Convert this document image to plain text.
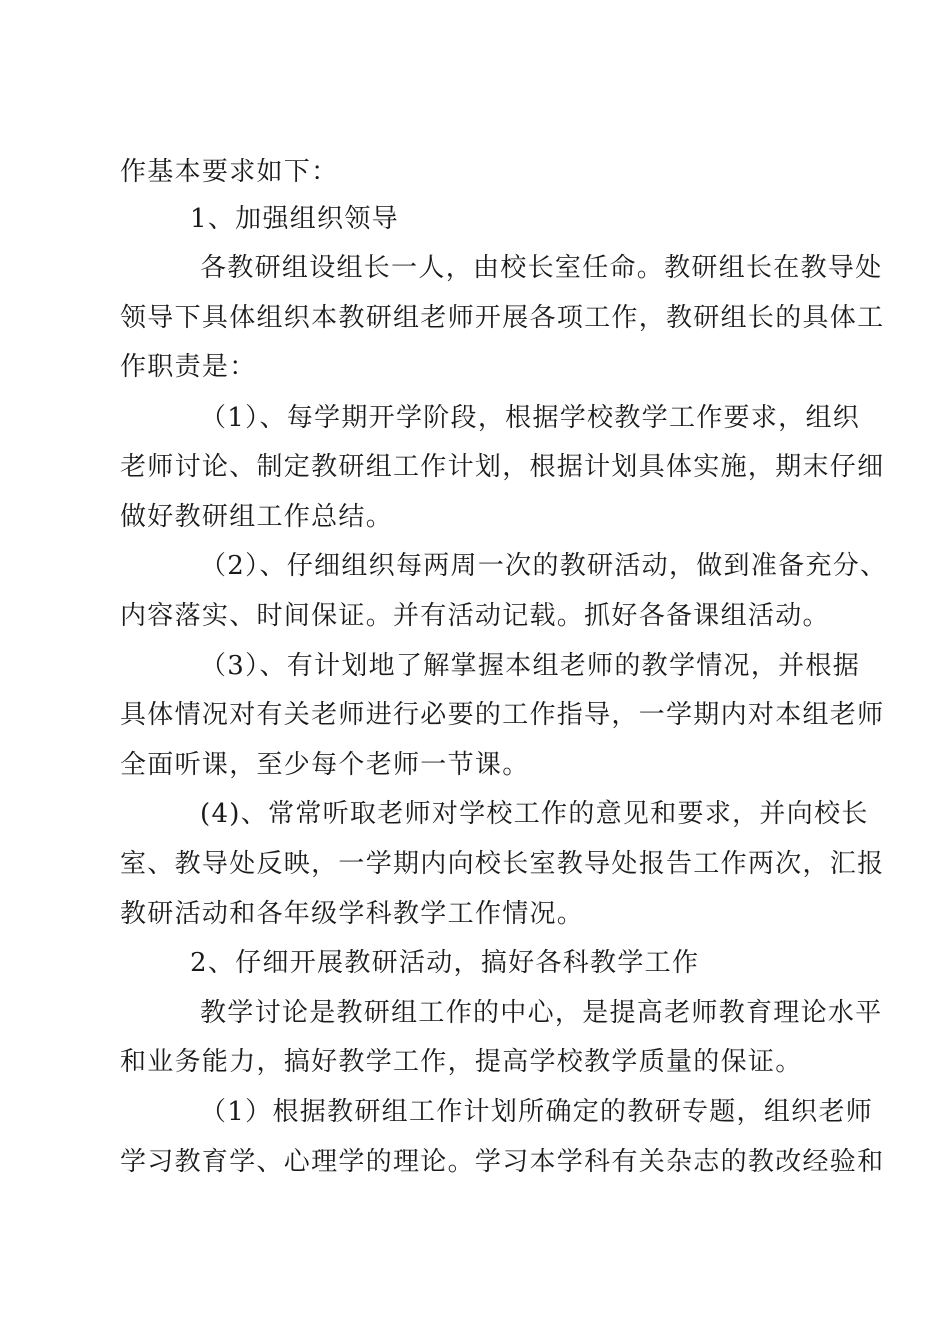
作基本要求如下：
1、加强组织领导
各教研组设组长一人，由校长室任命。教研组长在教导处
领导下具体组织本教研组老师开展各项工作，教研组长的具体工
作职责是：
（1）、每学期开学阶段，根据学校教学工作要求，组织
老师讨论、制定教研组工作计划，根据计划具体实施，期末仔细
做好教研组工作总结。
（2）、仔细组织每两周一次的教研活动，做到准备充分、
内容落实、时间保证。并有活动记载。抓好各备课组活动。
（3）、有计划地了解掌握本组老师的教学情况，并根据
具体情况对有关老师进行必要的工作指导，一学期内对本组老师
全面听课，至少每个老师一节课。
(4)、常常听取老师对学校工作的意见和要求，并向校长
室、教导处反映，一学期内向校长室教导处报告工作两次，汇报
教研活动和各年级学科教学工作情况。
2、仔细开展教研活动，搞好各科教学工作
教学讨论是教研组工作的中心，是提高老师教育理论水平
和业务能力，搞好教学工作，提高学校教学质量的保证。
（1）根据教研组工作计划所确定的教研专题，组织老师
学习教育学、心理学的理论。学习本学科有关杂志的教改经验和
